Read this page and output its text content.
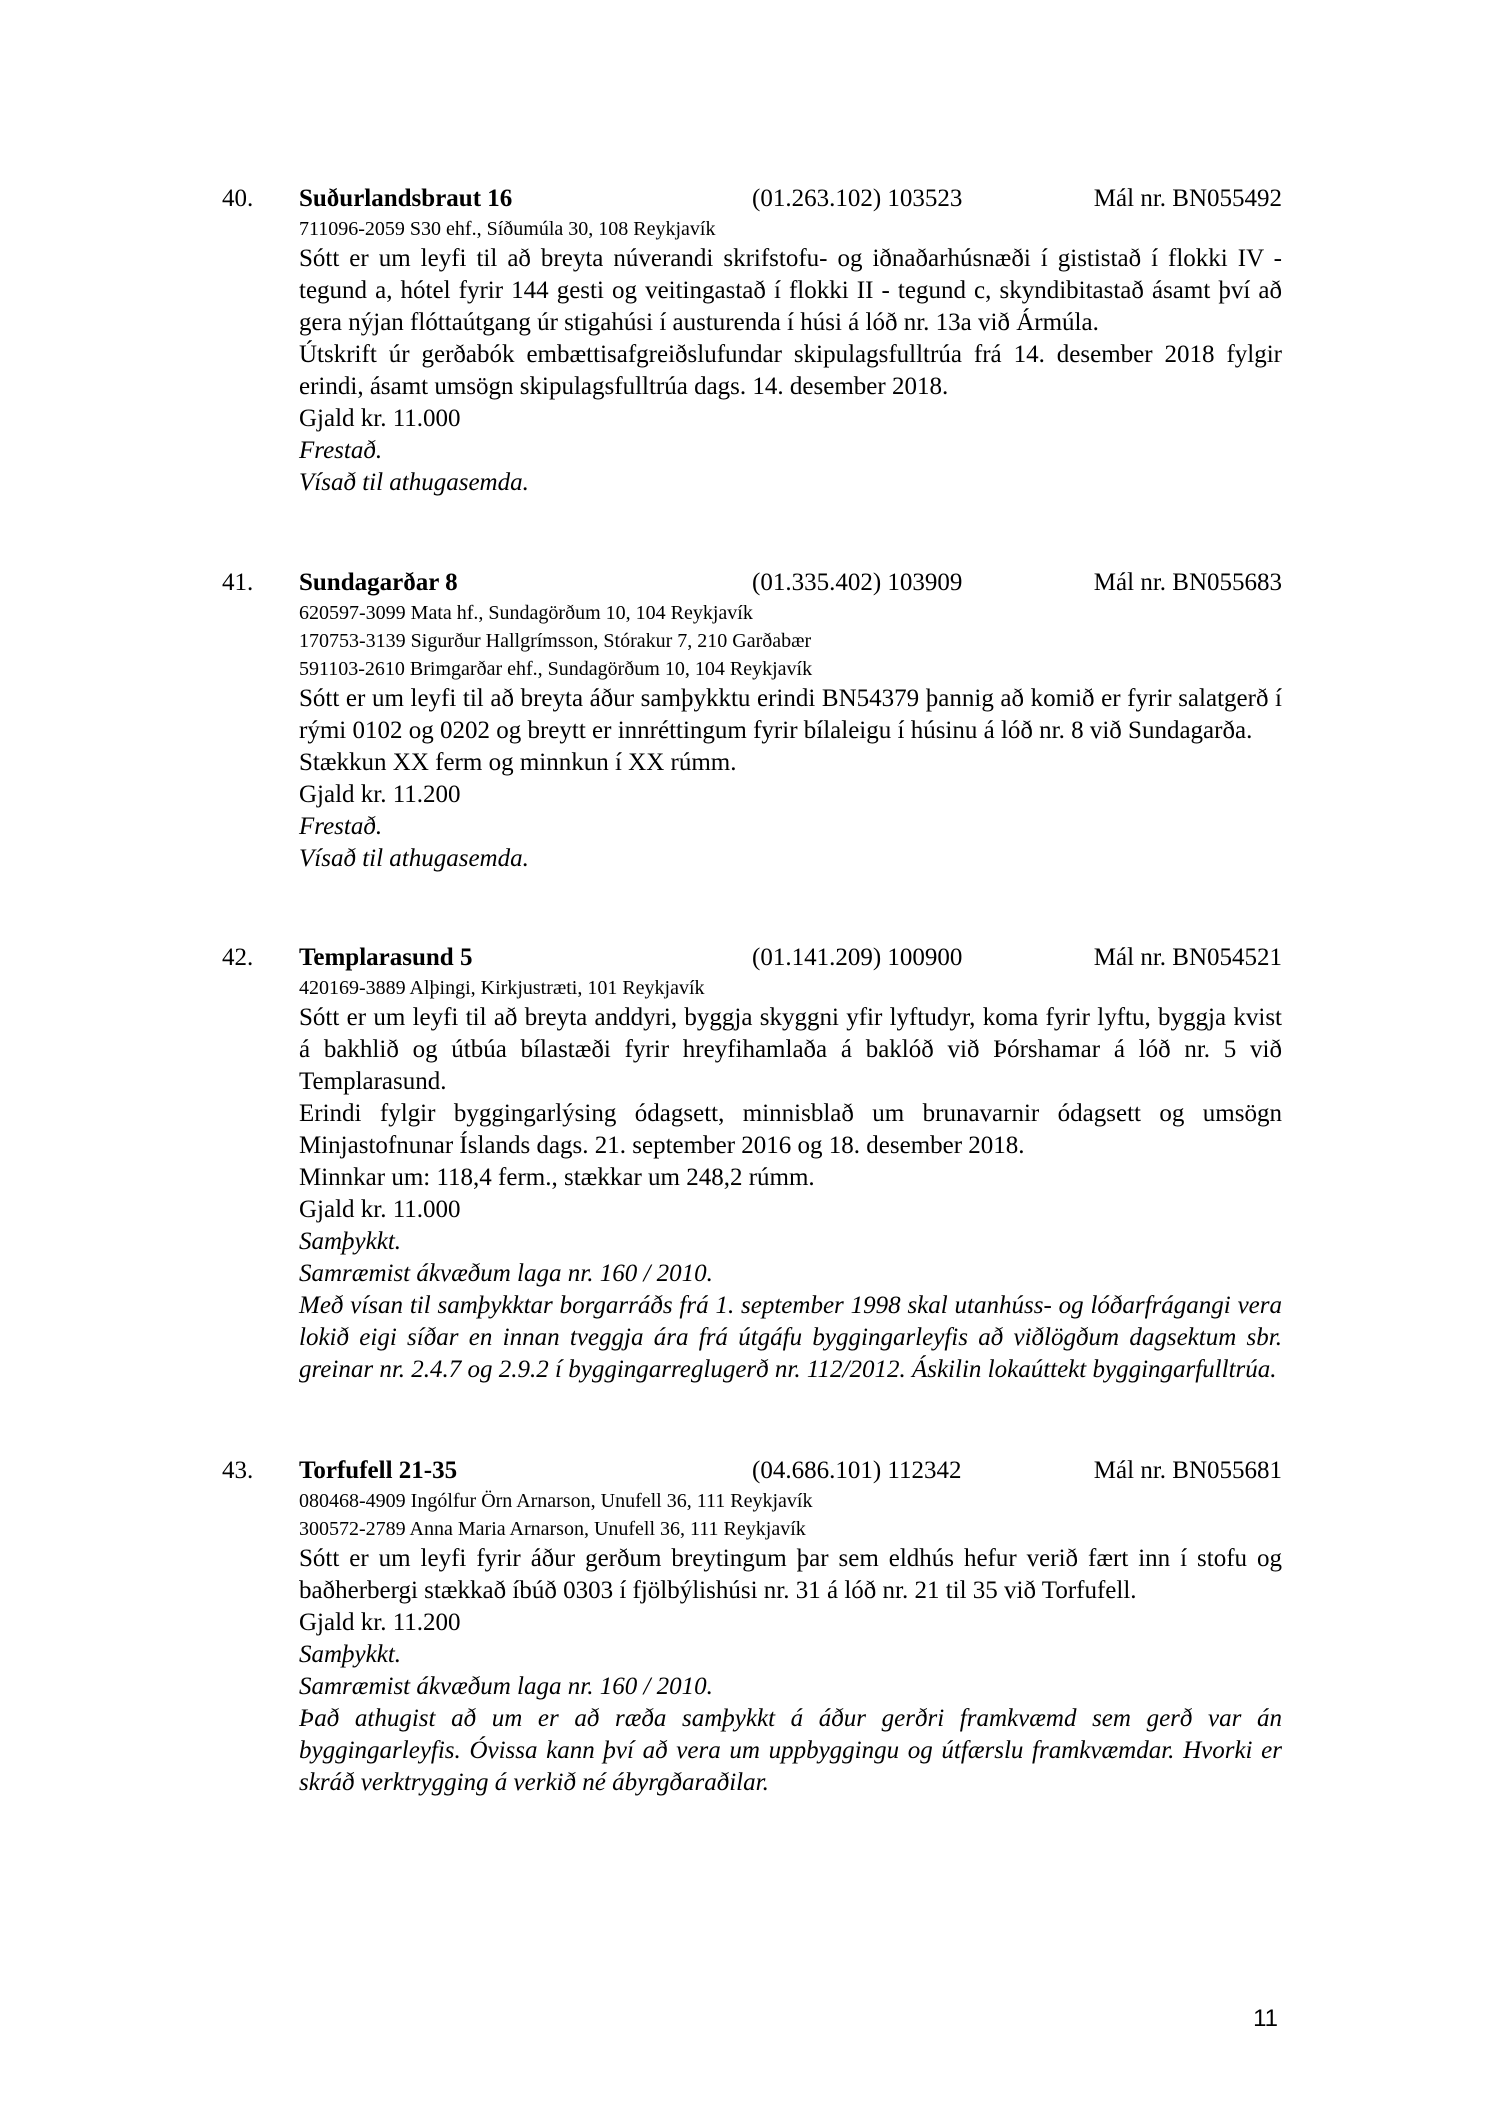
40. Suðurlandsbraut 16	(01.263.102) 103523	Mál nr. BN055492
711096-2059 S30 ehf., Síðumúla 30, 108 Reykjavík
Sótt er um leyfi til að breyta núverandi skrifstofu- og iðnaðarhúsnæði í gististað í flokki IV - tegund a, hótel fyrir 144 gesti og veitingastað í flokki II - tegund c, skyndibitastað ásamt því að gera nýjan flóttaútgang úr stigahúsi í austurenda í húsi á lóð nr. 13a við Ármúla.
Útskrift úr gerðabók embættisafgreiðslufundar skipulagsfulltrúa frá 14. desember 2018 fylgir erindi, ásamt umsögn skipulagsfulltrúa dags. 14. desember 2018.
Gjald kr. 11.000
Frestað.
Vísað til athugasemda.
41. Sundagarðar 8	(01.335.402) 103909	Mál nr. BN055683
620597-3099 Mata hf., Sundagörðum 10, 104 Reykjavík
170753-3139 Sigurður Hallgrímsson, Stórakur 7, 210 Garðabær
591103-2610 Brimgarðar ehf., Sundagörðum 10, 104 Reykjavík
Sótt er um leyfi til að breyta áður samþykktu erindi BN54379 þannig að komið er fyrir salatgerð í rými 0102 og 0202 og breytt er innréttingum fyrir bílaleigu í húsinu á lóð nr. 8 við Sundagarða.
Stækkun XX ferm og minnkun í XX rúmm.
Gjald kr. 11.200
Frestað.
Vísað til athugasemda.
42. Templarasund 5	(01.141.209) 100900	Mál nr. BN054521
420169-3889 Alþingi, Kirkjustræti, 101 Reykjavík
Sótt er um leyfi til að breyta anddyri, byggja skyggni yfir lyftudyr, koma fyrir lyftu, byggja kvist á bakhlið og útbúa bílastæði fyrir hreyfihamlaða á baklóð við Þórshamar á lóð nr. 5 við Templarasund.
Erindi fylgir byggingarlýsing ódagsett, minnisblað um brunavarnir ódagsett og umsögn Minjastofnunar Íslands dags. 21. september 2016 og 18. desember 2018.
Minnkar um: 118,4 ferm., stækkar um 248,2 rúmm.
Gjald kr. 11.000
Samþykkt.
Samræmist ákvæðum laga nr. 160 / 2010.
Með vísan til samþykktar borgarráðs frá 1. september 1998 skal utanhúss- og lóðarfrágangi vera lokið eigi síðar en innan tveggja ára frá útgáfu byggingarleyfis að viðlögðum dagsektum sbr. greinar nr. 2.4.7 og 2.9.2 í byggingarreglugerð nr. 112/2012. Áskilin lokaúttekt byggingarfulltrúa.
43. Torfufell 21-35	(04.686.101) 112342	Mál nr. BN055681
080468-4909 Ingólfur Örn Arnarson, Unufell 36, 111 Reykjavík
300572-2789 Anna Maria Arnarson, Unufell 36, 111 Reykjavík
Sótt er um leyfi fyrir áður gerðum breytingum þar sem eldhús hefur verið fært inn í stofu og baðherbergi stækkað íbúð 0303 í fjölbýlishúsi nr. 31 á lóð nr. 21 til 35 við Torfufell.
Gjald kr. 11.200
Samþykkt.
Samræmist ákvæðum laga nr. 160 / 2010.
Það athugist að um er að ræða samþykkt á áður gerðri framkvæmd sem gerð var án byggingarleyfis. Óvissa kann því að vera um uppbyggingu og útfærslu framkvæmdar. Hvorki er skráð verktrygging á verkið né ábyrgðaraðilar.
11
